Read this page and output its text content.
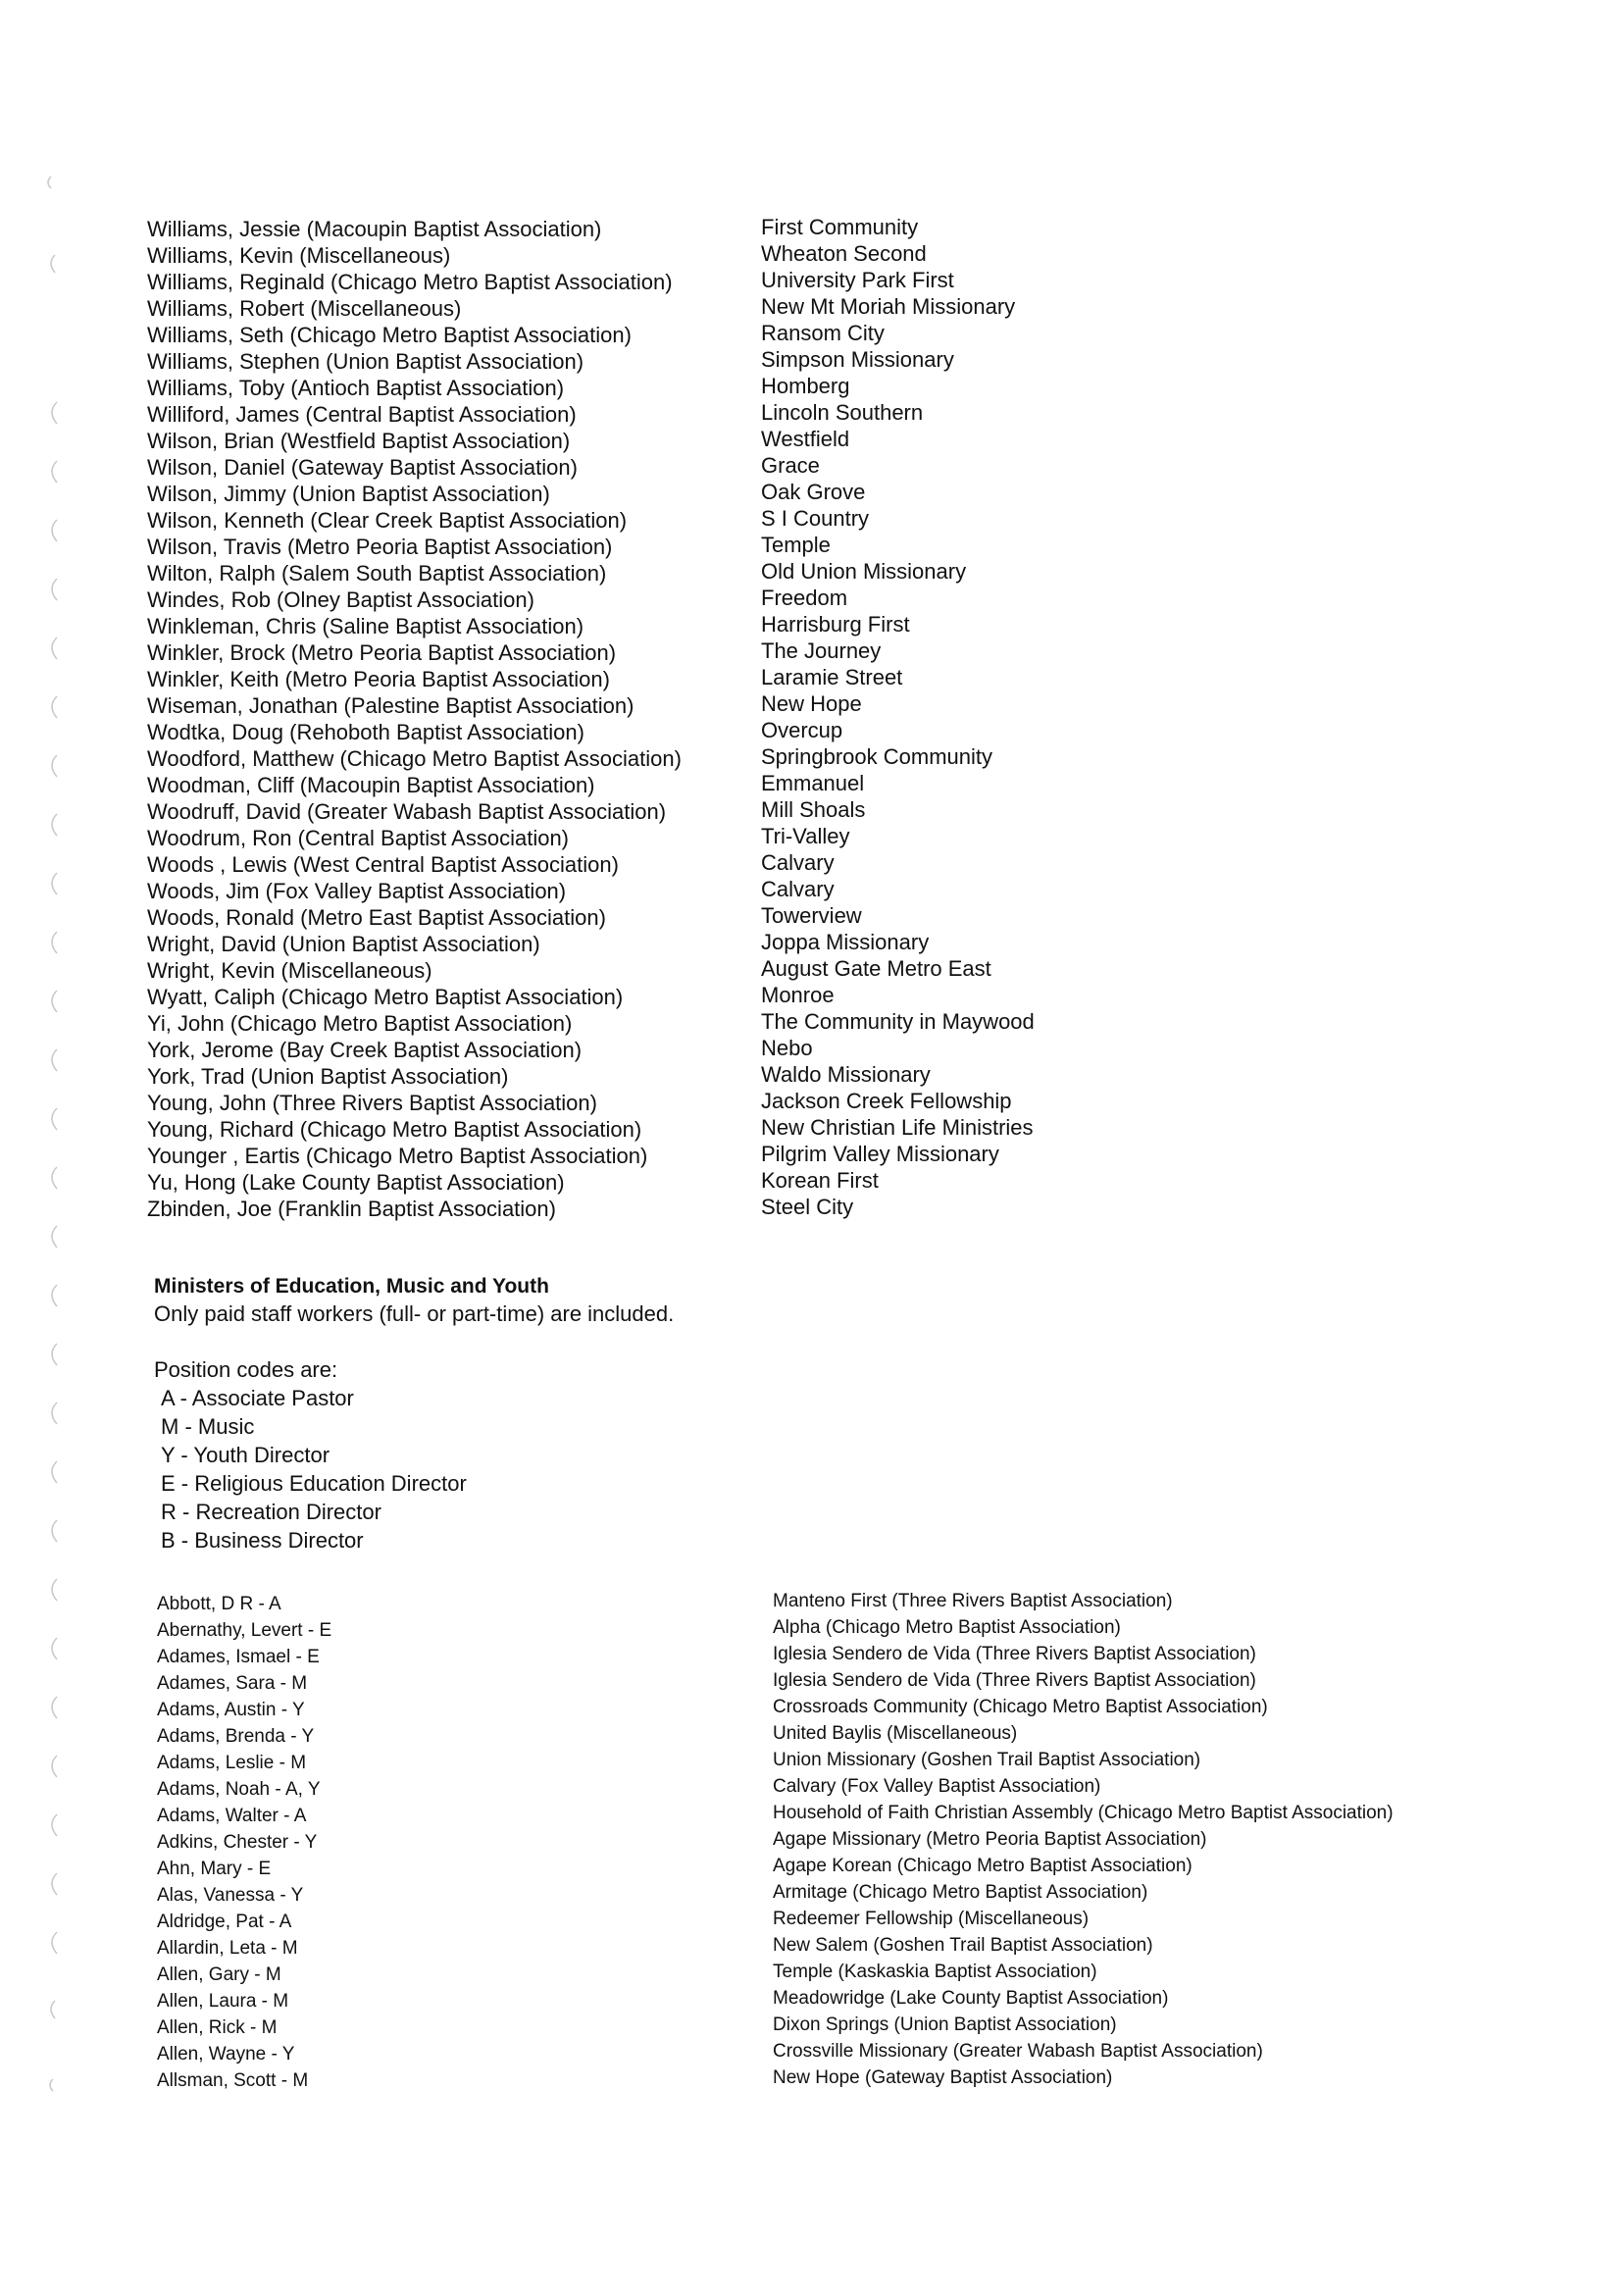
Williams, Jessie (Macoupin Baptist Association)
Williams, Kevin (Miscellaneous)
Williams, Reginald (Chicago Metro Baptist Association)
Williams, Robert (Miscellaneous)
Williams, Seth (Chicago Metro Baptist Association)
Williams, Stephen (Union Baptist Association)
Williams, Toby (Antioch Baptist Association)
Williford, James (Central Baptist Association)
Wilson, Brian (Westfield Baptist Association)
Wilson, Daniel (Gateway Baptist Association)
Wilson, Jimmy (Union Baptist Association)
Wilson, Kenneth (Clear Creek Baptist Association)
Wilson, Travis (Metro Peoria Baptist Association)
Wilton, Ralph (Salem South Baptist Association)
Windes, Rob (Olney Baptist Association)
Winkleman, Chris (Saline Baptist Association)
Winkler, Brock (Metro Peoria Baptist Association)
Winkler, Keith (Metro Peoria Baptist Association)
Wiseman, Jonathan (Palestine Baptist Association)
Wodtka, Doug (Rehoboth Baptist Association)
Woodford, Matthew (Chicago Metro Baptist Association)
Woodman, Cliff (Macoupin Baptist Association)
Woodruff, David (Greater Wabash Baptist Association)
Woodrum, Ron (Central Baptist Association)
Woods , Lewis (West Central Baptist Association)
Woods, Jim (Fox Valley Baptist Association)
Woods, Ronald (Metro East Baptist Association)
Wright, David (Union Baptist Association)
Wright, Kevin (Miscellaneous)
Wyatt, Caliph (Chicago Metro Baptist Association)
Yi, John (Chicago Metro Baptist Association)
York, Jerome (Bay Creek Baptist Association)
York, Trad (Union Baptist Association)
Young, John (Three Rivers Baptist Association)
Young, Richard (Chicago Metro Baptist Association)
Younger , Eartis (Chicago Metro Baptist Association)
Yu, Hong (Lake County Baptist Association)
Zbinden, Joe (Franklin Baptist Association)
First Community
Wheaton Second
University Park First
New Mt Moriah Missionary
Ransom City
Simpson Missionary
Homberg
Lincoln Southern
Westfield
Grace
Oak Grove
S I Country
Temple
Old Union Missionary
Freedom
Harrisburg First
The Journey
Laramie Street
New Hope
Overcup
Springbrook Community
Emmanuel
Mill Shoals
Tri-Valley
Calvary
Calvary
Towerview
Joppa Missionary
August Gate Metro East
Monroe
The Community in Maywood
Nebo
Waldo Missionary
Jackson Creek Fellowship
New Christian Life Ministries
Pilgrim Valley Missionary
Korean First
Steel City
Ministers of Education, Music and Youth
Only paid staff workers (full- or part-time) are included.
Position codes are:
A - Associate Pastor
M - Music
Y - Youth Director
E - Religious Education Director
R - Recreation Director
B - Business Director
Abbott, D R - A
Abernathy, Levert - E
Adames, Ismael - E
Adames, Sara - M
Adams, Austin - Y
Adams, Brenda - Y
Adams, Leslie - M
Adams, Noah - A, Y
Adams, Walter - A
Adkins, Chester - Y
Ahn, Mary - E
Alas, Vanessa - Y
Aldridge, Pat - A
Allardin, Leta - M
Allen, Gary - M
Allen, Laura - M
Allen, Rick - M
Allen, Wayne - Y
Allsman, Scott - M
Manteno First (Three Rivers Baptist Association)
Alpha (Chicago Metro Baptist Association)
Iglesia Sendero de Vida (Three Rivers Baptist Association)
Iglesia Sendero de Vida (Three Rivers Baptist Association)
Crossroads Community (Chicago Metro Baptist Association)
United Baylis (Miscellaneous)
Union Missionary (Goshen Trail Baptist Association)
Calvary (Fox Valley Baptist Association)
Household of Faith Christian Assembly (Chicago Metro Baptist Association)
Agape Missionary (Metro Peoria Baptist Association)
Agape Korean (Chicago Metro Baptist Association)
Armitage (Chicago Metro Baptist Association)
Redeemer Fellowship (Miscellaneous)
New Salem (Goshen Trail Baptist Association)
Temple (Kaskaskia Baptist Association)
Meadowridge (Lake County Baptist Association)
Dixon Springs (Union Baptist Association)
Crossville Missionary (Greater Wabash Baptist Association)
New Hope (Gateway Baptist Association)
